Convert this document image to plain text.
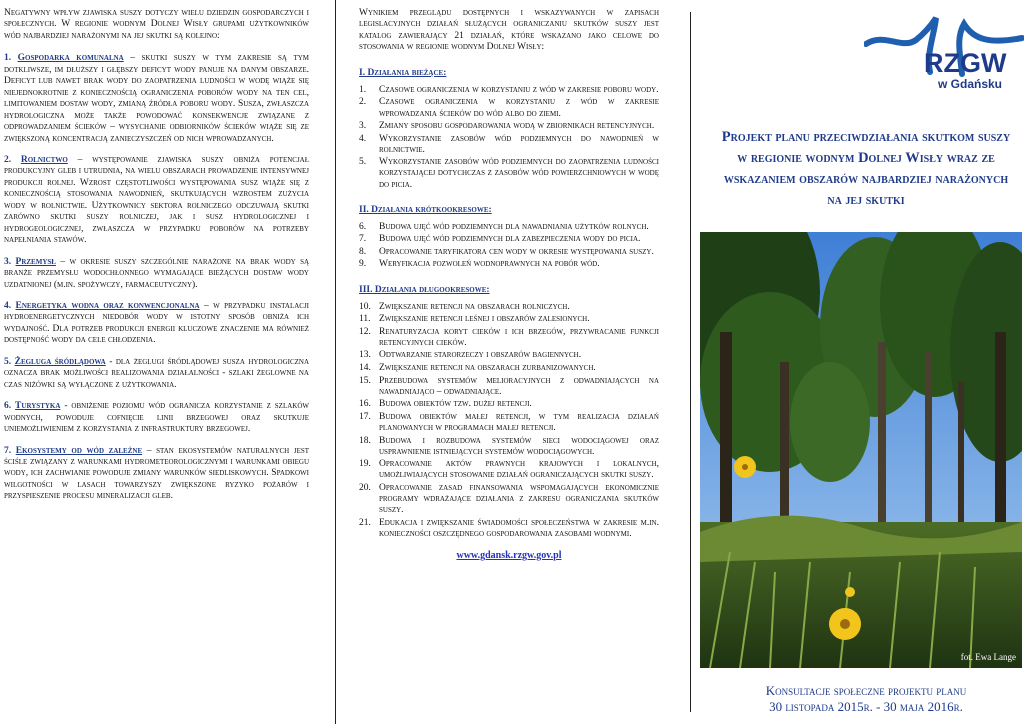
Negatywny wpływ zjawiska suszy dotyczy wielu dziedzin gospodarczych i społecznych. W regionie wodnym Dolnej Wisły grupami użytkowników wód najbardziej narażonymi na jej skutki są kolejno:

1. Gospodarka komunalna – skutki suszy w tym zakresie są tym dotkliwsze, im dłuższy i głębszy deficyt wody panuje na danym obszarze. Deficyt lub nawet brak wody do zaopatrzenia ludności w wodę wiąże się niejednokrotnie z koniecznością ograniczenia poborów wody na ten cel, limitowaniem dostaw wody, zmianą źródła poboru wody. Susza, zwłaszcza hydrologiczna może także powodować konsekwencje związane z odprowadzaniem ścieków – wysychanie odbiorników ścieków wiąże się ze zwiększoną koncentracją zanieczyszczeń od nich wprowadzanych.

2. Rolnictwo – występowanie zjawiska suszy obniża potencjał produkcyjny gleb i utrudnia, na wielu obszarach prowadzenie intensywnej produkcji rolnej. Wzrost częstotliwości występowania susz wiąże się z koniecznością stosowania nawodnień, skutkujących wzrostem zużycia wody w rolnictwie. Użytkownicy sektora rolniczego odczuwają skutki zarówno skutki suszy rolniczej, jak i susz hydrologicznej i hydrogeologicznej, zwłaszcza w przypadku poborów na potrzeby napełniania stawów.

3. Przemysł – w okresie suszy szczególnie narażone na brak wody są branże przemysłu wodochłonnego wymagające bieżących dostaw wody uzdatnionej (m.in. spożywczy, farmaceutyczny).

4. Energetyka wodna oraz konwencjonalna – w przypadku instalacji hydroenergetycznych niedobór wody w istotny sposób obniża ich wydajność. Dla potrzeb produkcji energii kluczowe znaczenie ma również dostępność wody da cele chłodzenia.

5. Żegluga śródlądowa - dla żeglugi śródlądowej susza hydrologiczna oznacza brak możliwości realizowania działalności - szlaki żeglowne na czas niżówki są wyłączone z użytkowania.

6. Turystyka - obniżenie poziomu wód ogranicza korzystanie z szlaków wodnych, powoduje cofnięcie linii brzegowej oraz skutkuje uniemożliwieniem z korzystania z infrastruktury brzegowej.

7. Ekosystemy od wód zależne – stan ekosystemów naturalnych jest ściśle związany z warunkami hydrometeorologicznymi i warunkami obiegu wody, ich zachwianie powoduje zmiany warunków siedliskowych. Spadkowi wilgotności w lasach towarzyszy zwiększone ryzyko pożarów i przyspieszenie procesu mineralizacji gleb.

Wynikiem przeglądu dostępnych i wskazywanych w zapisach legislacyjnych działań służących ograniczaniu skutków suszy jest katalog zawierający 21 działań, które wskazano jako celowe do stosowania w regionie wodnym Dolnej Wisły:

I. Działania bieżące:
1. Czasowe ograniczenia w korzystaniu z wód w zakresie poboru wody.
2. Czasowe ograniczenia w korzystaniu z wód w zakresie wprowadzania ścieków do wód albo do ziemi.
3. Zmiany sposobu gospodarowania wodą w zbiornikach retencyjnych.
4. Wykorzystanie zasobów wód podziemnych do nawodnień w rolnictwie.
5. Wykorzystanie zasobów wód podziemnych do zaopatrzenia ludności korzystającej dotychczas z zasobów wód powierzchniowych w wodę do picia.
II. Działania krótkookresowe:
6. Budowa ujęć wód podziemnych dla nawadniania użytków rolnych.
7. Budowa ujęć wód podziemnych dla zabezpieczenia wody do picia.
8. Opracowanie taryfikatora cen wody w okresie występowania suszy.
9. Weryfikacja pozwoleń wodnoprawnych na pobór wód.
III. Działania długookresowe:
10. Zwiększanie retencji na obszarach rolniczych.
11. Zwiększanie retencji leśnej i obszarów zalesionych.
12. Renaturyzacja koryt cieków i ich brzegów, przywracanie funkcji retencyjnych cieków.
13. Odtwarzanie starorzeczy i obszarów bagiennych.
14. Zwiększanie retencji na obszarach zurbanizowanych.
15. Przebudowa systemów melioracyjnych z odwadniających na nawadniająco – odwadniające.
16. Budowa obiektów tzw. dużej retencji.
17. Budowa obiektów małej retencji, w tym realizacja działań planowanych w programach małej retencji.
18. Budowa i rozbudowa systemów sieci wodociągowej oraz usprawnienie istniejących systemów wodociągowych.
19. Opracowanie aktów prawnych krajowych i lokalnych, umożliwiających stosowanie działań ograniczających skutki suszy.
20. Opracowanie zasad finansowania wspomagających ekonomicznie programy wdrażające działania z zakresu ograniczania skutków suszy.
21. Edukacja i zwiększanie świadomości społeczeństwa w zakresie m.in. konieczności oszczędnego gospodarowania zasobami wodnymi.
www.gdansk.rzgw.gov.pl
RZGW
w Gdańsku
Projekt planu przeciwdziałania skutkom suszy w regionie wodnym Dolnej Wisły wraz ze wskazaniem obszarów najbardziej narażonych na jej skutki
fot. Ewa Lange
Konsultacje społeczne projektu planu
30 listopada 2015r. - 30 maja 2016r.
